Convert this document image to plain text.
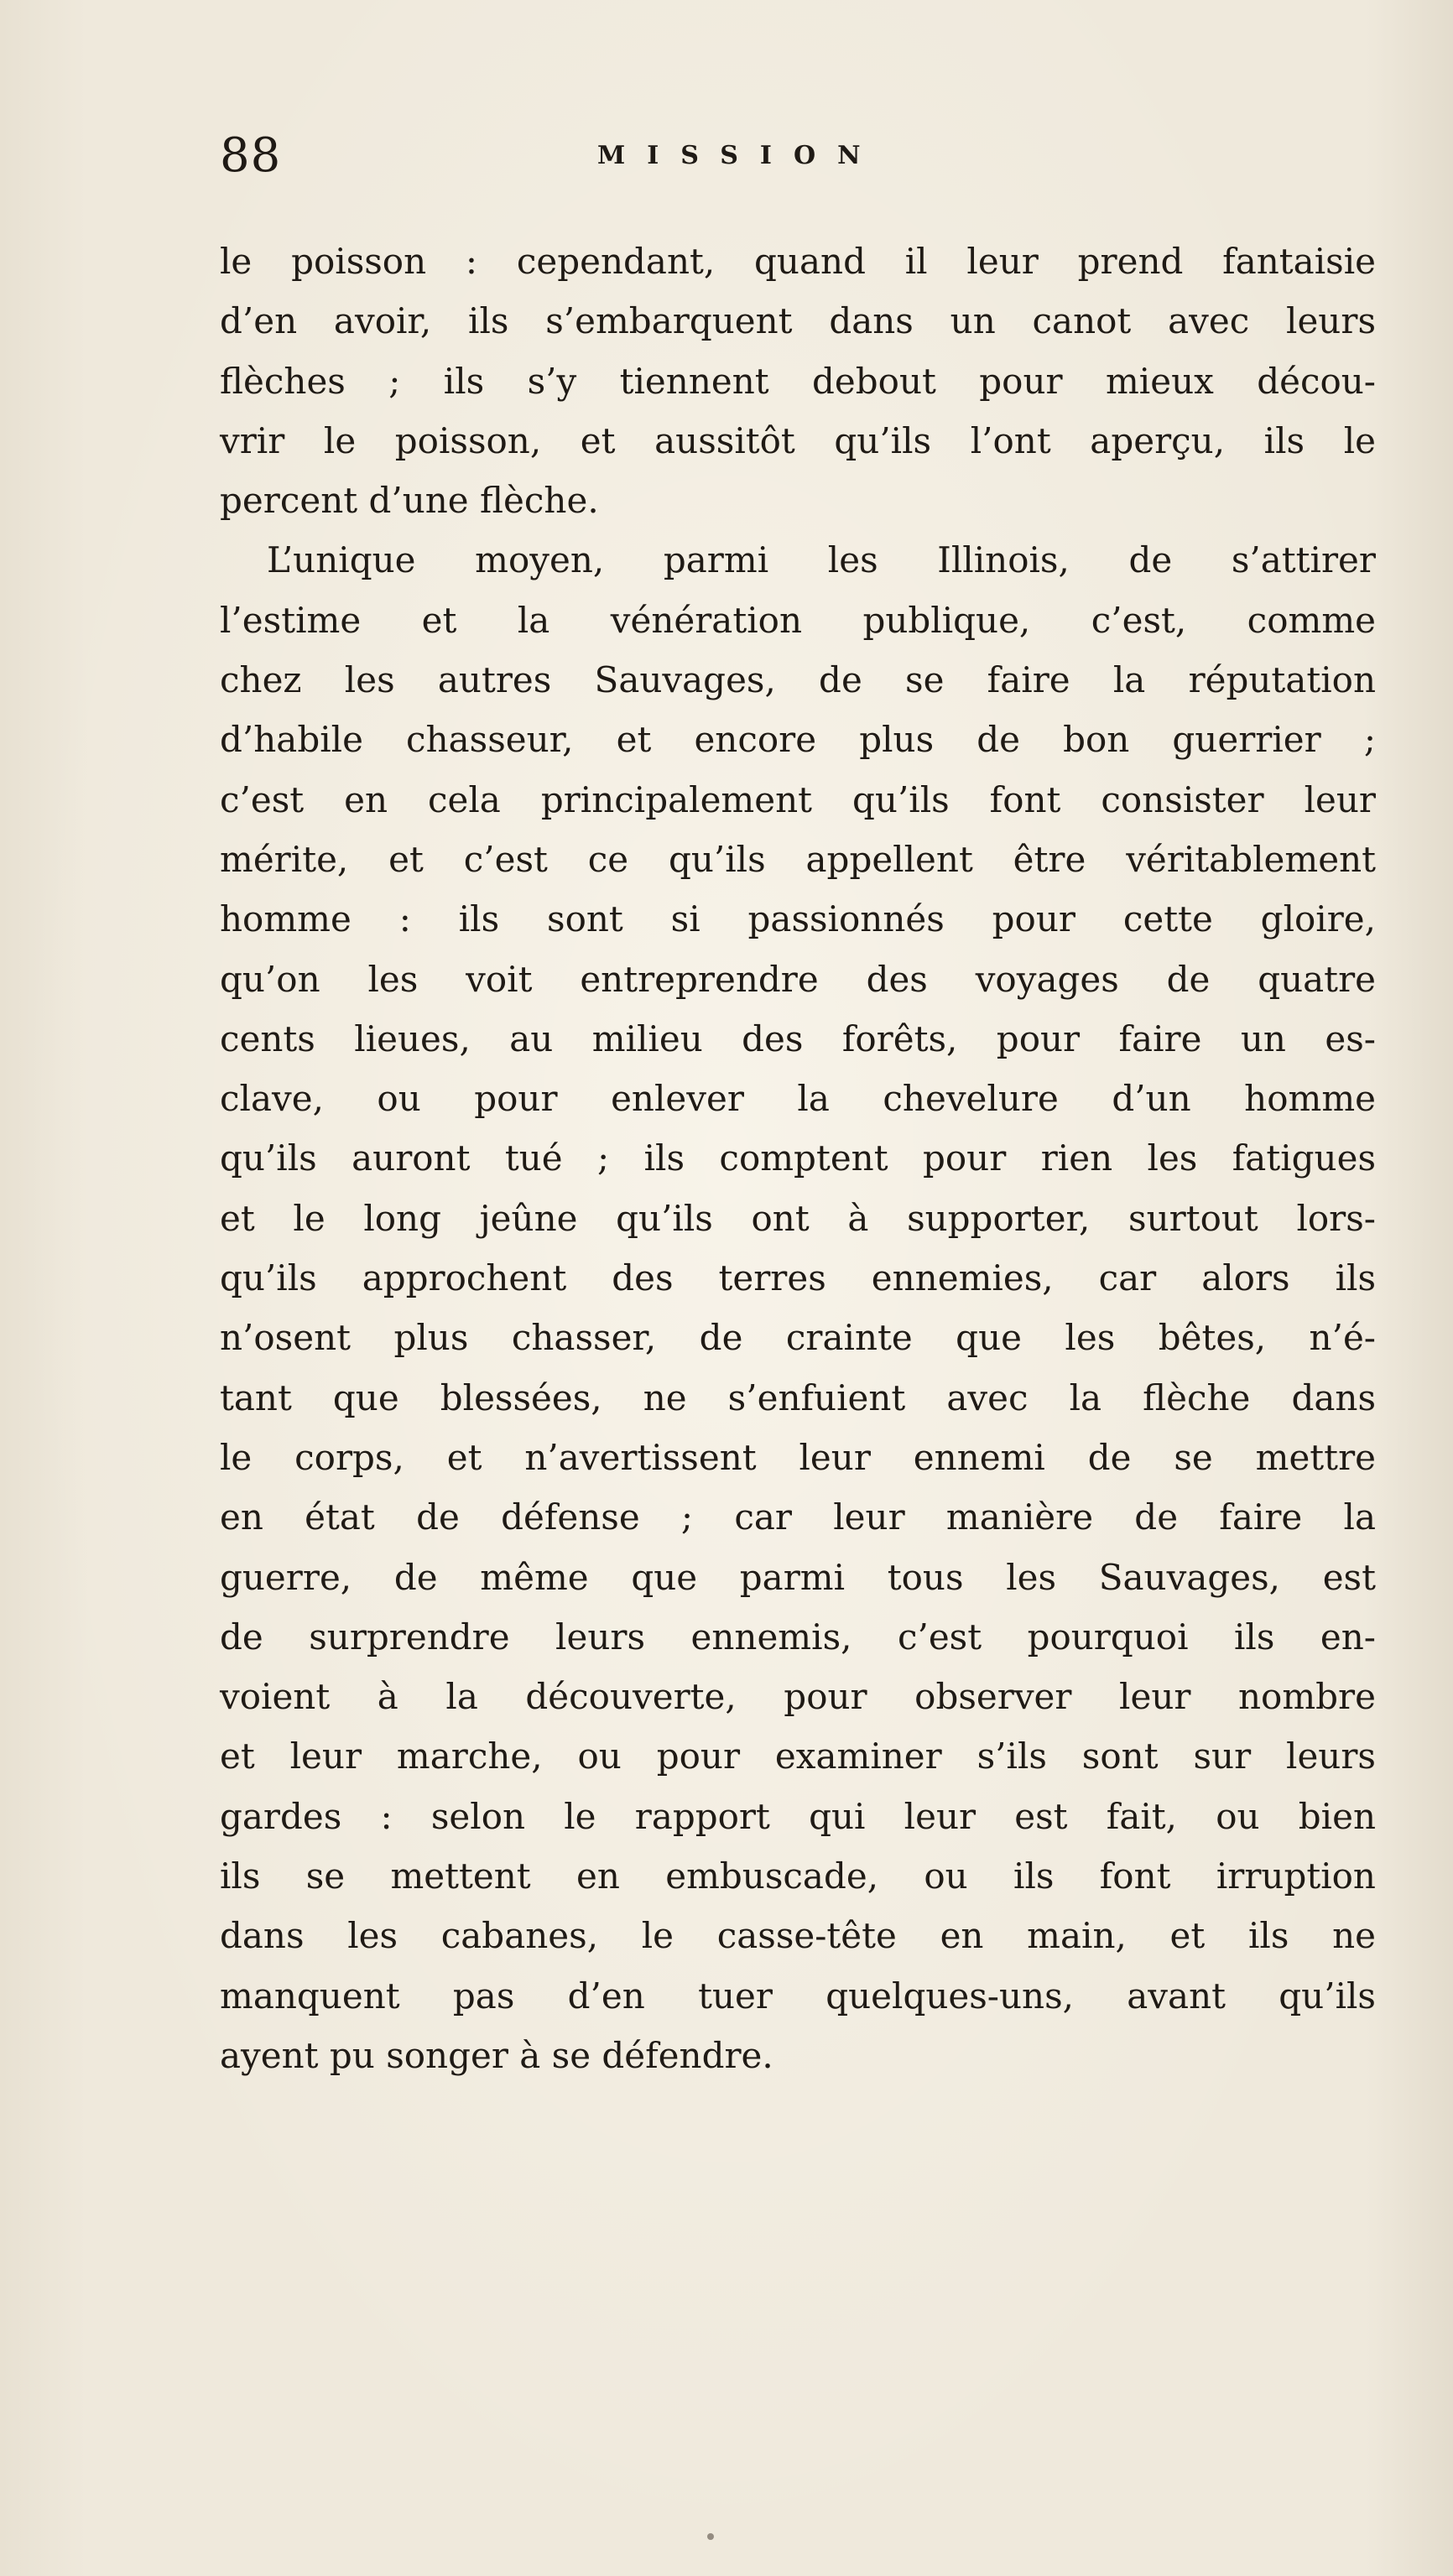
88	MISSION
le poisson : cependant, quand il leur prend fantaisie
d’en avoir, ils s’embarquent dans un canot avec leurs
flèches ; ils s’y tiennent debout pour mieux décou-
vrir le poisson, et aussitôt qu’ils l’ont aperçu, ils le
percent d’une flèche.
L’unique moyen, parmi les Illinois, de s’attirer
l’estime et la vénération publique, c’est, comme
chez les autres Sauvages, de se faire la réputation
d’habile chasseur, et encore plus de bon guerrier ;
c’est en cela principalement qu’ils font consister leur
mérite, et c’est ce qu’ils appellent être véritablement
homme : ils sont si passionnés pour cette gloire,
qu’on les voit entreprendre des voyages de quatre
cents lieues, au milieu des forêts, pour faire un es-
clave, ou pour enlever la chevelure d’un homme
qu’ils auront tué ; ils comptent pour rien les fatigues
et le long jeûne qu’ils ont à supporter, surtout lors-
qu’ils approchent des terres ennemies, car alors ils
n’osent plus chasser, de crainte que les bêtes, n’é-
tant que blessées, ne s’enfuient avec la flèche dans
le corps, et n’avertissent leur ennemi de se mettre
en état de défense ; car leur manière de faire la
guerre, de même que parmi tous les Sauvages, est
de surprendre leurs ennemis, c’est pourquoi ils en-
voient à la découverte, pour observer leur nombre
et leur marche, ou pour examiner s’ils sont sur leurs
gardes : selon le rapport qui leur est fait, ou bien
ils se mettent en embuscade, ou ils font irruption
dans les cabanes, le casse-tête en main, et ils ne
manquent pas d’en tuer quelques-uns, avant qu’ils
ayent pu songer à se défendre.
